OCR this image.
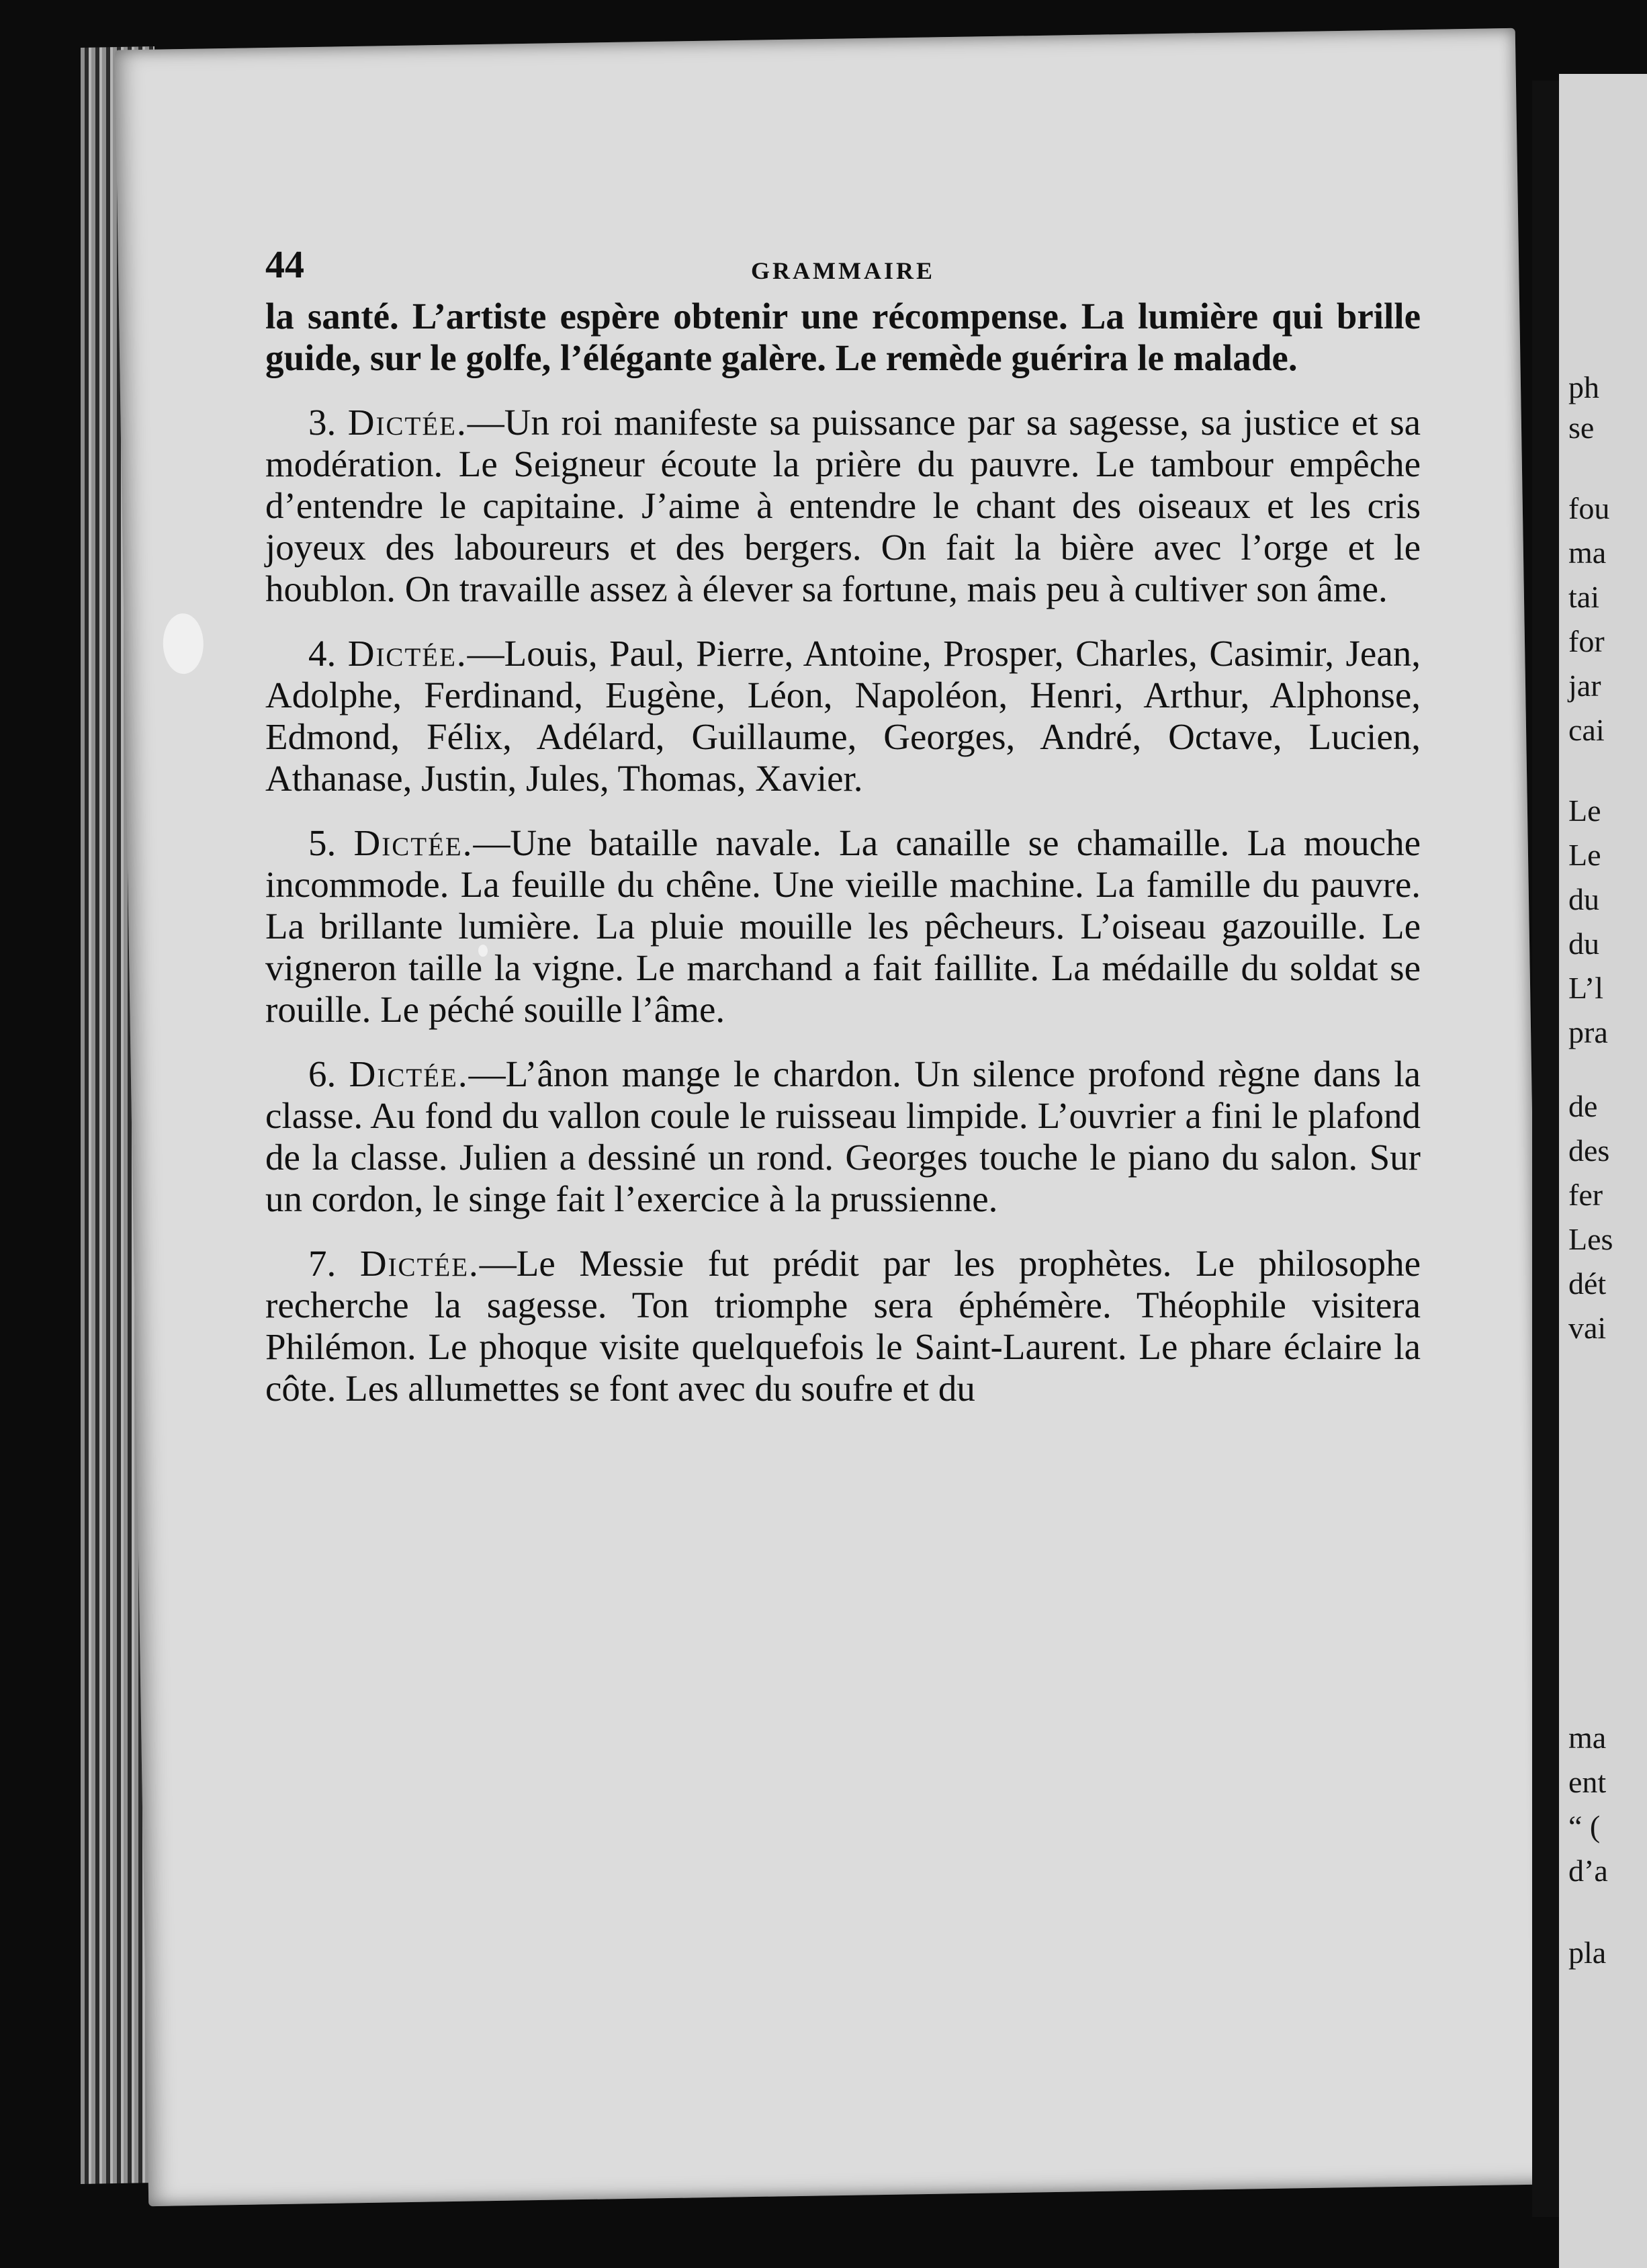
44	GRAMMAIRE

la santé. L’artiste espère obtenir une récompense. La lumière qui brille guide, sur le golfe, l’élégante galère. Le remède guérira le malade.

3. Dictée.—Un roi manifeste sa puissance par sa sagesse, sa justice et sa modération. Le Seigneur écoute la prière du pauvre. Le tambour empêche d’entendre le capitaine. J’aime à entendre le chant des oiseaux et les cris joyeux des laboureurs et des bergers. On fait la bière avec l’orge et le houblon. On travaille assez à élever sa fortune, mais peu à cultiver son âme.

4. Dictée.—Louis, Paul, Pierre, Antoine, Prosper, Charles, Casimir, Jean, Adolphe, Ferdinand, Eugène, Léon, Napoléon, Henri, Arthur, Alphonse, Edmond, Félix, Adélard, Guillaume, Georges, André, Octave, Lucien, Athanase, Justin, Jules, Thomas, Xavier.

5. Dictée.—Une bataille navale. La canaille se chamaille. La mouche incommode. La feuille du chêne. Une vieille machine. La famille du pauvre. La brillante lumière. La pluie mouille les pêcheurs. L’oiseau gazouille. Le vigneron taille la vigne. Le marchand a fait faillite. La médaille du soldat se rouille. Le péché souille l’âme.

6. Dictée.—L’ânon mange le chardon. Un silence profond règne dans la classe. Au fond du vallon coule le ruisseau limpide. L’ouvrier a fini le plafond de la classe. Julien a dessiné un rond. Georges touche le piano du salon. Sur un cordon, le singe fait l’exercice à la prussienne.

7. Dictée.—Le Messie fut prédit par les prophètes. Le philosophe recherche la sagesse. Ton triomphe sera éphémère. Théophile visitera Philémon. Le phoque visite quelquefois le Saint-Laurent. Le phare éclaire la côte. Les allumettes se font avec du soufre et du

ph
se
fou
ma
tai
for
jar
cai
Le
Le
du
du
L’l
pra
de
des
fer
Les
dét
vai
ma
ent
“ (
d’a
pla
